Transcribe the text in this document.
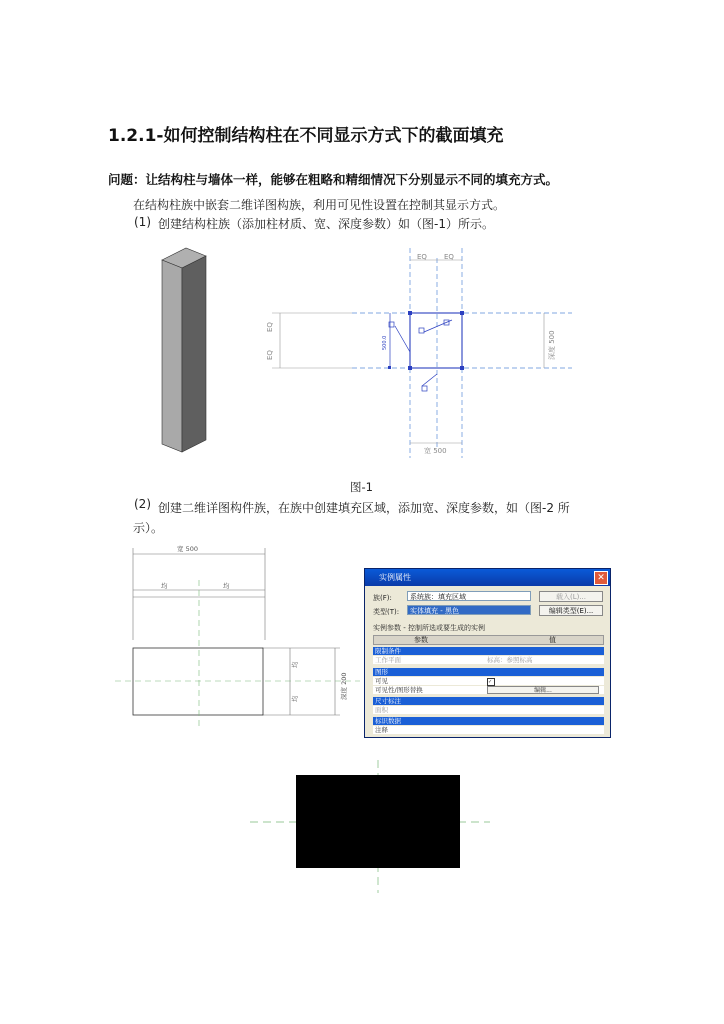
1.2.1-如何控制结构柱在不同显示方式下的截面填充
问题：让结构柱与墙体一样，能够在粗略和精细情况下分别显示不同的填充方式。
在结构柱族中嵌套二维详图构族，利用可见性设置在控制其显示方式。
(1) 创建结构柱族（添加柱材质、宽、深度参数）如（图-1）所示。
EQ EQ
EQ
EQ	深度 500
宽 500
500.0
图-1
(2) 创建二维详图构件族，在族中创建填充区域，添加宽、深度参数，如（图-2 所
示）。
宽 500
均	均
深度 200
均
均
实例属性	✕
族(F):	系统族：填充区域	载入(L)...
类型(T):	实体填充 - 黑色	编辑类型(E)...
实例参数 - 控制所选或要生成的实例
参数	值
限制条件
工作平面	标高：参照标高
图形
可见	✓
可见性/图形替换	编辑...
尺寸标注
面积
标识数据
注释
